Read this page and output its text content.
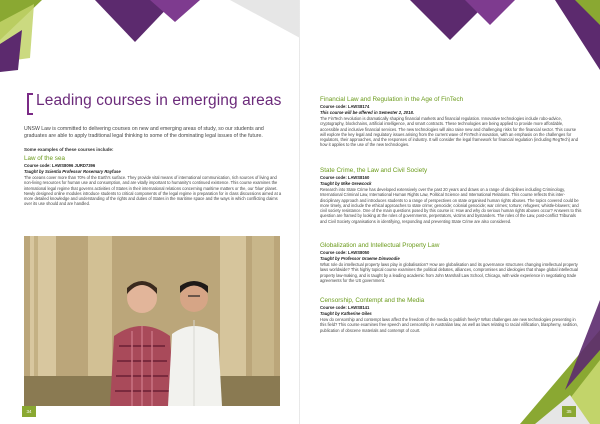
Leading courses in emerging areas
UNSW Law is committed to delivering courses on new and emerging areas of study, so our students and graduates are able to apply traditional legal thinking to some of the dominating legal issues of the future.
Some examples of these courses include:
Law of the sea
Course code: LAWS8096 JURD7396
Taught by Scientia Professor Rosemary Rayfuse
The oceans cover more than 70% of the Earth's surface. They provide vital means of international communication, rich sources of living and non-living resources for human use and consumption, and are vitally important to humanity's continued existence. This course examines the international legal regime that governs activities of States in their international relations concerning maritime matters or the, our 'blue' planet. Newly designed online modules introduce students to critical components of the legal regime in preparation for in class discussions aimed at a more detailed knowledge and understanding of the rights and duties of States in the maritime space and the ways in which conflicting claims over its use should and are handled.
34
Financial Law and Regulation in the Age of FinTech
Course code: LAWS8174
This course will be offered in Semester 2, 2018.
The FinTech revolution is dramatically shaping financial markets and financial regulation. Innovative technologies include robo-advice, cryptography, blockchains, artificial intelligence, and smart contracts. These technologies are being applied to provide more affordable, accessible and inclusive financial services. The new technologies will also raise new and challenging risks for the financial sector. This course will explore the key legal and regulatory issues arising from the current wave of FinTech innovation, with an emphasis on the challenges for regulators, their approaches, and the responses of industry. It will consider the legal framework for financial regulation (including RegTech) and how it applies to the use of the new technologies.
State Crime, the Law and Civil Society
Course code: LAWS8160
Taught by Mike Grewcock
Research into State Crime has developed extensively over the past 20 years and draws on a range of disciplines including Criminology, International Criminal Law, International Human Rights Law, Political Science and International Relations. This course reflects this inter-disciplinary approach and introduces students to a range of perspectives on state organised human rights abuses. The topics covered could be more timely, and include the ethical approaches to state crime; genocide; colonial genocide; war crimes; torture; refugees; whistle-blowers; and civil society resistance. One of the main questions posed by this course is: How and why do serious human rights abuses occur? Answers to this question are framed by looking at the roles of governments, perpetrators, victims and bystanders. The roles of the Law, post-conflict Tribunals and Civil Society organisations in identifying, responding and preventing State Crime are also considered.
Globalization and Intellectual Property Law
Course code: LAWS8050
Taught by Professor Graeme Dinwoodie
What role do intellectual property laws play in globalisation? How are globalisation and its governance structures changing intellectual property laws worldwide? This highly topical course examines the political debates, alliances, compromises and ideologies that shape global intellectual property law-making, and is taught by a leading academic from John Marshall Law School, Chicago, with wide experience in negotiating trade agreements for the US government.
Censorship, Contempt and the Media
Course code: LAWS8141
Taught by Katherine Giles
How do censorship and contempt laws affect the freedom of the media to publish freely? What challenges are new technologies presenting in this field? This course examines free speech and censorship in Australian law, as well as laws relating to racial vilification, blasphemy, sedition, publication of obscene materials and contempt of court.
35
